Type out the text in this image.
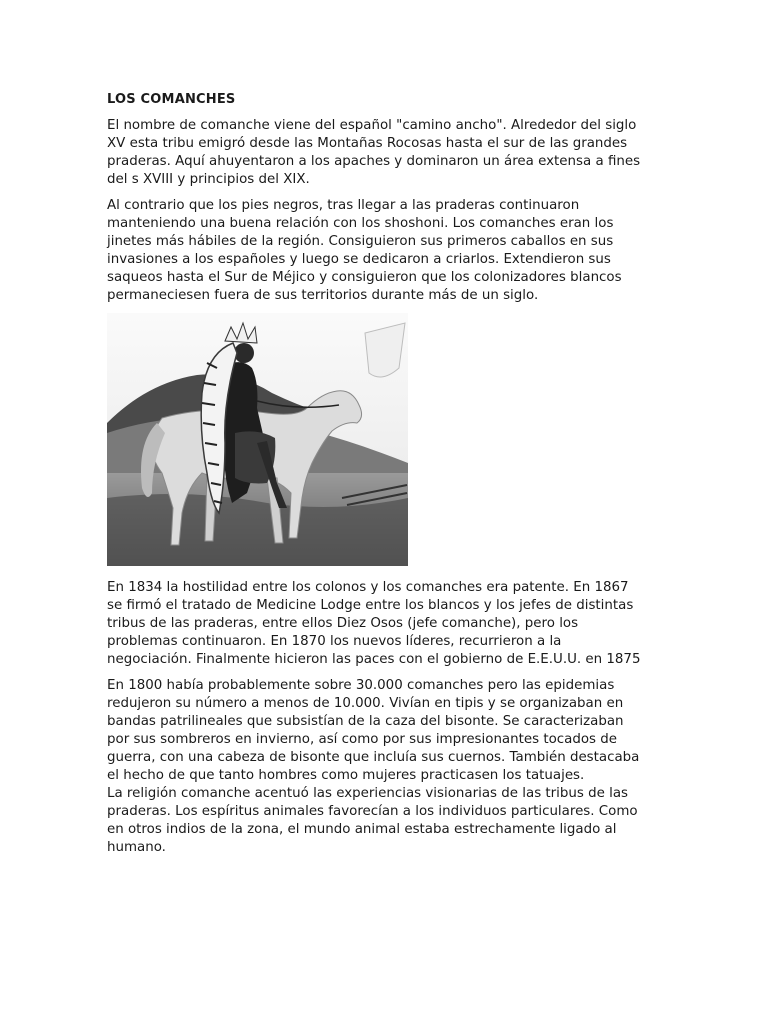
LOS COMANCHES

El nombre de comanche viene del español "camino ancho". Alrededor del siglo
XV esta tribu emigró desde las Montañas Rocosas hasta el sur de las grandes
praderas. Aquí ahuyentaron a los apaches y dominaron un área extensa a fines
del s XVIII y principios del XIX.

Al contrario que los pies negros, tras llegar a las praderas continuaron
manteniendo una buena relación con los shoshoni. Los comanches eran los
jinetes más hábiles de la región. Consiguieron sus primeros caballos en sus
invasiones a los españoles y luego se dedicaron a criarlos. Extendieron sus
saqueos hasta el Sur de Méjico y consiguieron que los colonizadores blancos
permaneciesen fuera de sus territorios durante más de un siglo.

En 1834 la hostilidad entre los colonos y los comanches era patente. En 1867
se firmó el tratado de Medicine Lodge entre los blancos y los jefes de distintas
tribus de las praderas, entre ellos Diez Osos (jefe comanche), pero los
problemas continuaron. En 1870 los nuevos líderes, recurrieron a la
negociación. Finalmente hicieron las paces con el gobierno de E.E.U.U. en 1875

En 1800 había probablemente sobre 30.000 comanches pero las epidemias
redujeron su número a menos de 10.000. Vivían en tipis y se organizaban en
bandas patrilineales que subsistían de la caza del bisonte. Se caracterizaban
por sus sombreros en invierno, así como por sus impresionantes tocados de
guerra, con una cabeza de bisonte que incluía sus cuernos. También destacaba
el hecho de que tanto hombres como mujeres practicasen los tatuajes.

La religión comanche acentuó las experiencias visionarias de las tribus de las
praderas. Los espíritus animales favorecían a los individuos particulares. Como
en otros indios de la zona, el mundo animal estaba estrechamente ligado al
humano.
